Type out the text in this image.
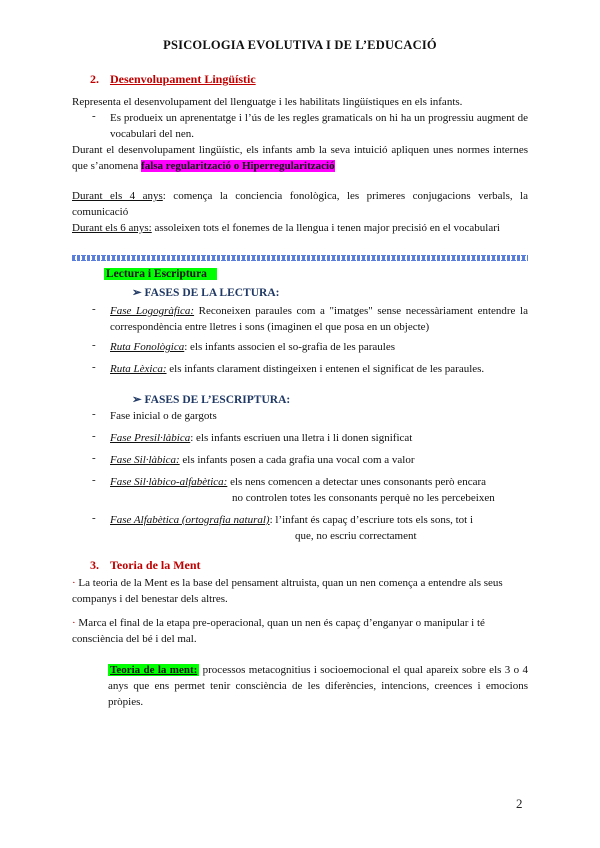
PSICOLOGIA EVOLUTIVA I DE L’EDUCACIÓ
2. Desenvolupament Lingüístic
Representa el desenvolupament del llenguatge i les habilitats lingüístiques en els infants.
- Es produeix un aprenentatge i l’ús de les regles gramaticals on hi ha un progressiu augment de vocabulari del nen.
Durant el desenvolupament lingüístic, els infants amb la seva intuició apliquen unes normes internes que s’anomena falsa regularització o Hiperregularització
Durant els 4 anys: comença la conciencia fonològica, les primeres conjugacions verbals, la comunicació
Durant els 6 anys: assoleixen tots el fonemes de la llengua i tenen major precisió en el vocabulari
Lectura i Escriptura
➢ FASES DE LA LECTURA:
- Fase Logogràfica: Reconeixen paraules com a "imatges" sense necessàriament entendre la correspondència entre lletres i sons (imaginen el que posa en un objecte)
- Ruta Fonològica: els infants associen el so-grafia de les paraules
- Ruta Lèxica: els infants clarament distingeixen i entenen el significat de les paraules.
➢ FASES DE L’ESCRIPTURA:
- Fase inicial o de gargots
- Fase Presil·làbica: els infants escriuen una lletra i li donen significat
- Fase Sil·làbica: els infants posen a cada grafia una vocal com a valor
- Fase Sil·làbico-alfabètica: els nens comencen a detectar unes consonants però encara
no controlen totes les consonants perquè no les percebeixen
- Fase Alfabètica (ortografia natural): l’infant és capaç d’escriure tots els sons, tot i
que, no escriu correctament
3. Teoria de la Ment
· La teoria de la Ment es la base del pensament altruista, quan un nen comença a entendre als seus companys i del benestar dels altres.
· Marca el final de la etapa pre-operacional, quan un nen és capaç d’enganyar o manipular i té consciència del bé i del mal.
Teoria de la ment: processos metacognitius i socioemocional el qual apareix sobre els 3 o 4 anys que ens permet tenir consciència de les diferències, intencions, creences i emocions pròpies.
2
